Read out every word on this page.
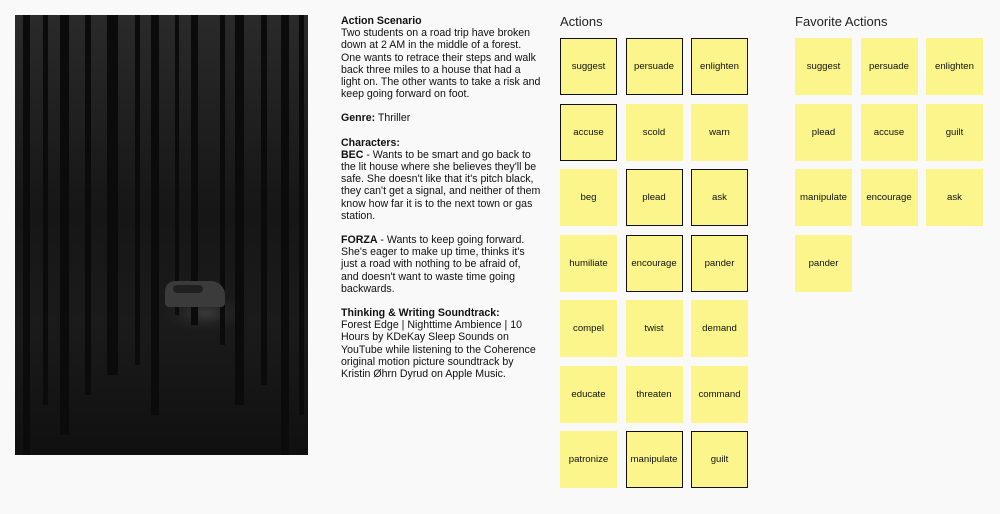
Action Scenario
Two students on a road trip have broken down at 2 AM in the middle of a forest. One wants to retrace their steps and walk back three miles to a house that had a light on. The other wants to take a risk and keep going forward on foot.

Genre: Thriller

Characters:
BEC - Wants to be smart and go back to the lit house where she believes they'll be safe. She doesn't like that it's pitch black, they can't get a signal, and neither of them know how far it is to the next town or gas station.

FORZA - Wants to keep going forward. She's eager to make up time, thinks it's just a road with nothing to be afraid of, and doesn't want to waste time going backwards.

Thinking & Writing Soundtrack:
Forest Edge | Nighttime Ambience | 10 Hours by KDeKay Sleep Sounds on YouTube while listening to the Coherence original motion picture soundtrack by Kristin Øhrn Dyrud on Apple Music.

Actions
suggest	persuade	enlighten
accuse	scold	warn
beg	plead	ask
humiliate	encourage	pander
compel	twist	demand
educate	threaten	command
patronize	manipulate	guilt
Favorite Actions
suggest	persuade	enlighten
plead	accuse	guilt
manipulate	encourage	ask
pander
